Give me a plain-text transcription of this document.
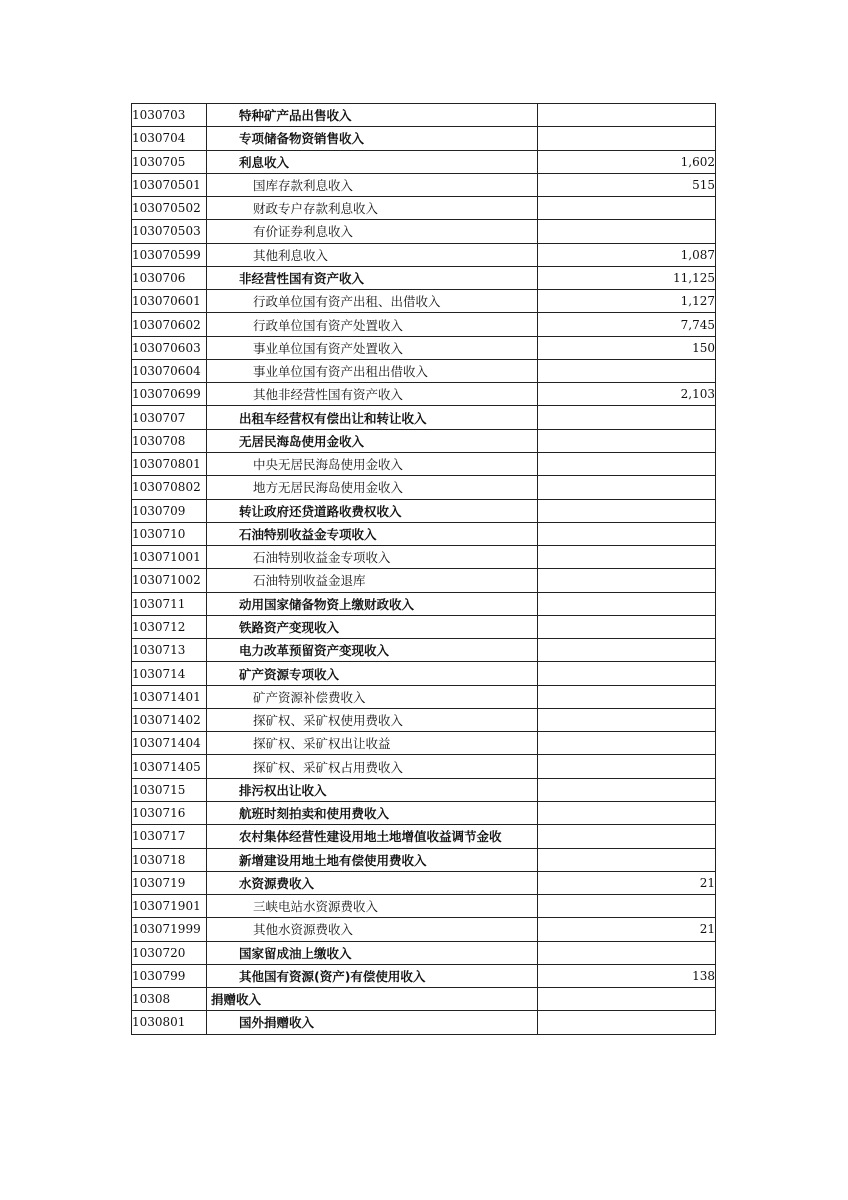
1030703	特种矿产品出售收入	
1030704	专项储备物资销售收入	
1030705	利息收入	1,602
103070501	国库存款利息收入	515
103070502	财政专户存款利息收入	
103070503	有价证券利息收入	
103070599	其他利息收入	1,087
1030706	非经营性国有资产收入	11,125
103070601	行政单位国有资产出租、出借收入	1,127
103070602	行政单位国有资产处置收入	7,745
103070603	事业单位国有资产处置收入	150
103070604	事业单位国有资产出租出借收入	
103070699	其他非经营性国有资产收入	2,103
1030707	出租车经营权有偿出让和转让收入	
1030708	无居民海岛使用金收入	
103070801	中央无居民海岛使用金收入	
103070802	地方无居民海岛使用金收入	
1030709	转让政府还贷道路收费权收入	
1030710	石油特别收益金专项收入	
103071001	石油特别收益金专项收入	
103071002	石油特别收益金退库	
1030711	动用国家储备物资上缴财政收入	
1030712	铁路资产变现收入	
1030713	电力改革预留资产变现收入	
1030714	矿产资源专项收入	
103071401	矿产资源补偿费收入	
103071402	探矿权、采矿权使用费收入	
103071404	探矿权、采矿权出让收益	
103071405	探矿权、采矿权占用费收入	
1030715	排污权出让收入	
1030716	航班时刻拍卖和使用费收入	
1030717	农村集体经营性建设用地土地增值收益调节金收	
1030718	新增建设用地土地有偿使用费收入	
1030719	水资源费收入	21
103071901	三峡电站水资源费收入	
103071999	其他水资源费收入	21
1030720	国家留成油上缴收入	
1030799	其他国有资源(资产)有偿使用收入	138
10308	捐赠收入	
1030801	国外捐赠收入	
